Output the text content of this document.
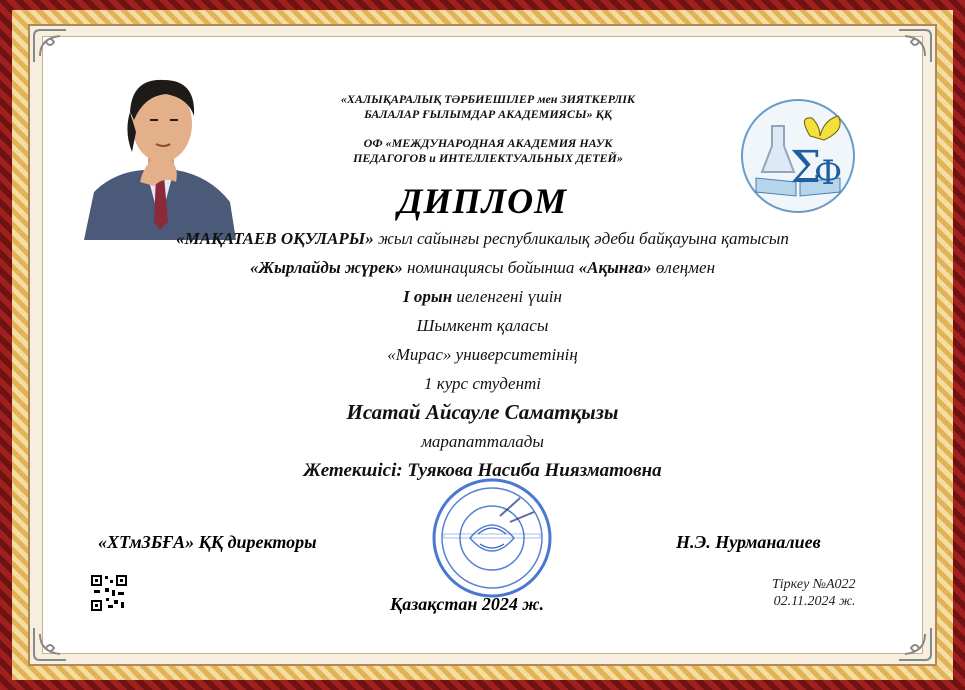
Σ
Ф
«ХАЛЫҚАРАЛЫҚ ТӘРБИЕШІЛЕР мен ЗИЯТКЕРЛІК
БАЛАЛАР ҒЫЛЫМДАР АКАДЕМИЯСЫ» ҚҚ
ОФ «МЕЖДУНАРОДНАЯ АКАДЕМИЯ НАУК
ПЕДАГОГОВ и ИНТЕЛЛЕКТУАЛЬНЫХ ДЕТЕЙ»
ДИПЛОМ
«МАҚАТАЕВ ОҚУЛАРЫ» жыл сайынғы республикалық әдеби байқауына қатысып
«Жырлайды жүрек» номинациясы бойынша «Ақынға» өлеңмен
І орын иеленгені үшін
Шымкент қаласы
«Мирас» университетінің
1 курс студенті
Исатай Айсауле Саматқызы
марапатталады
Жетекшісі: Туякова Насиба Ниязматовна
«ХТмЗБҒА» ҚҚ директоры	Н.Э. Нурманалиев
Қазақстан 2024 ж.
Тіркеу №A022
02.11.2024 ж.
